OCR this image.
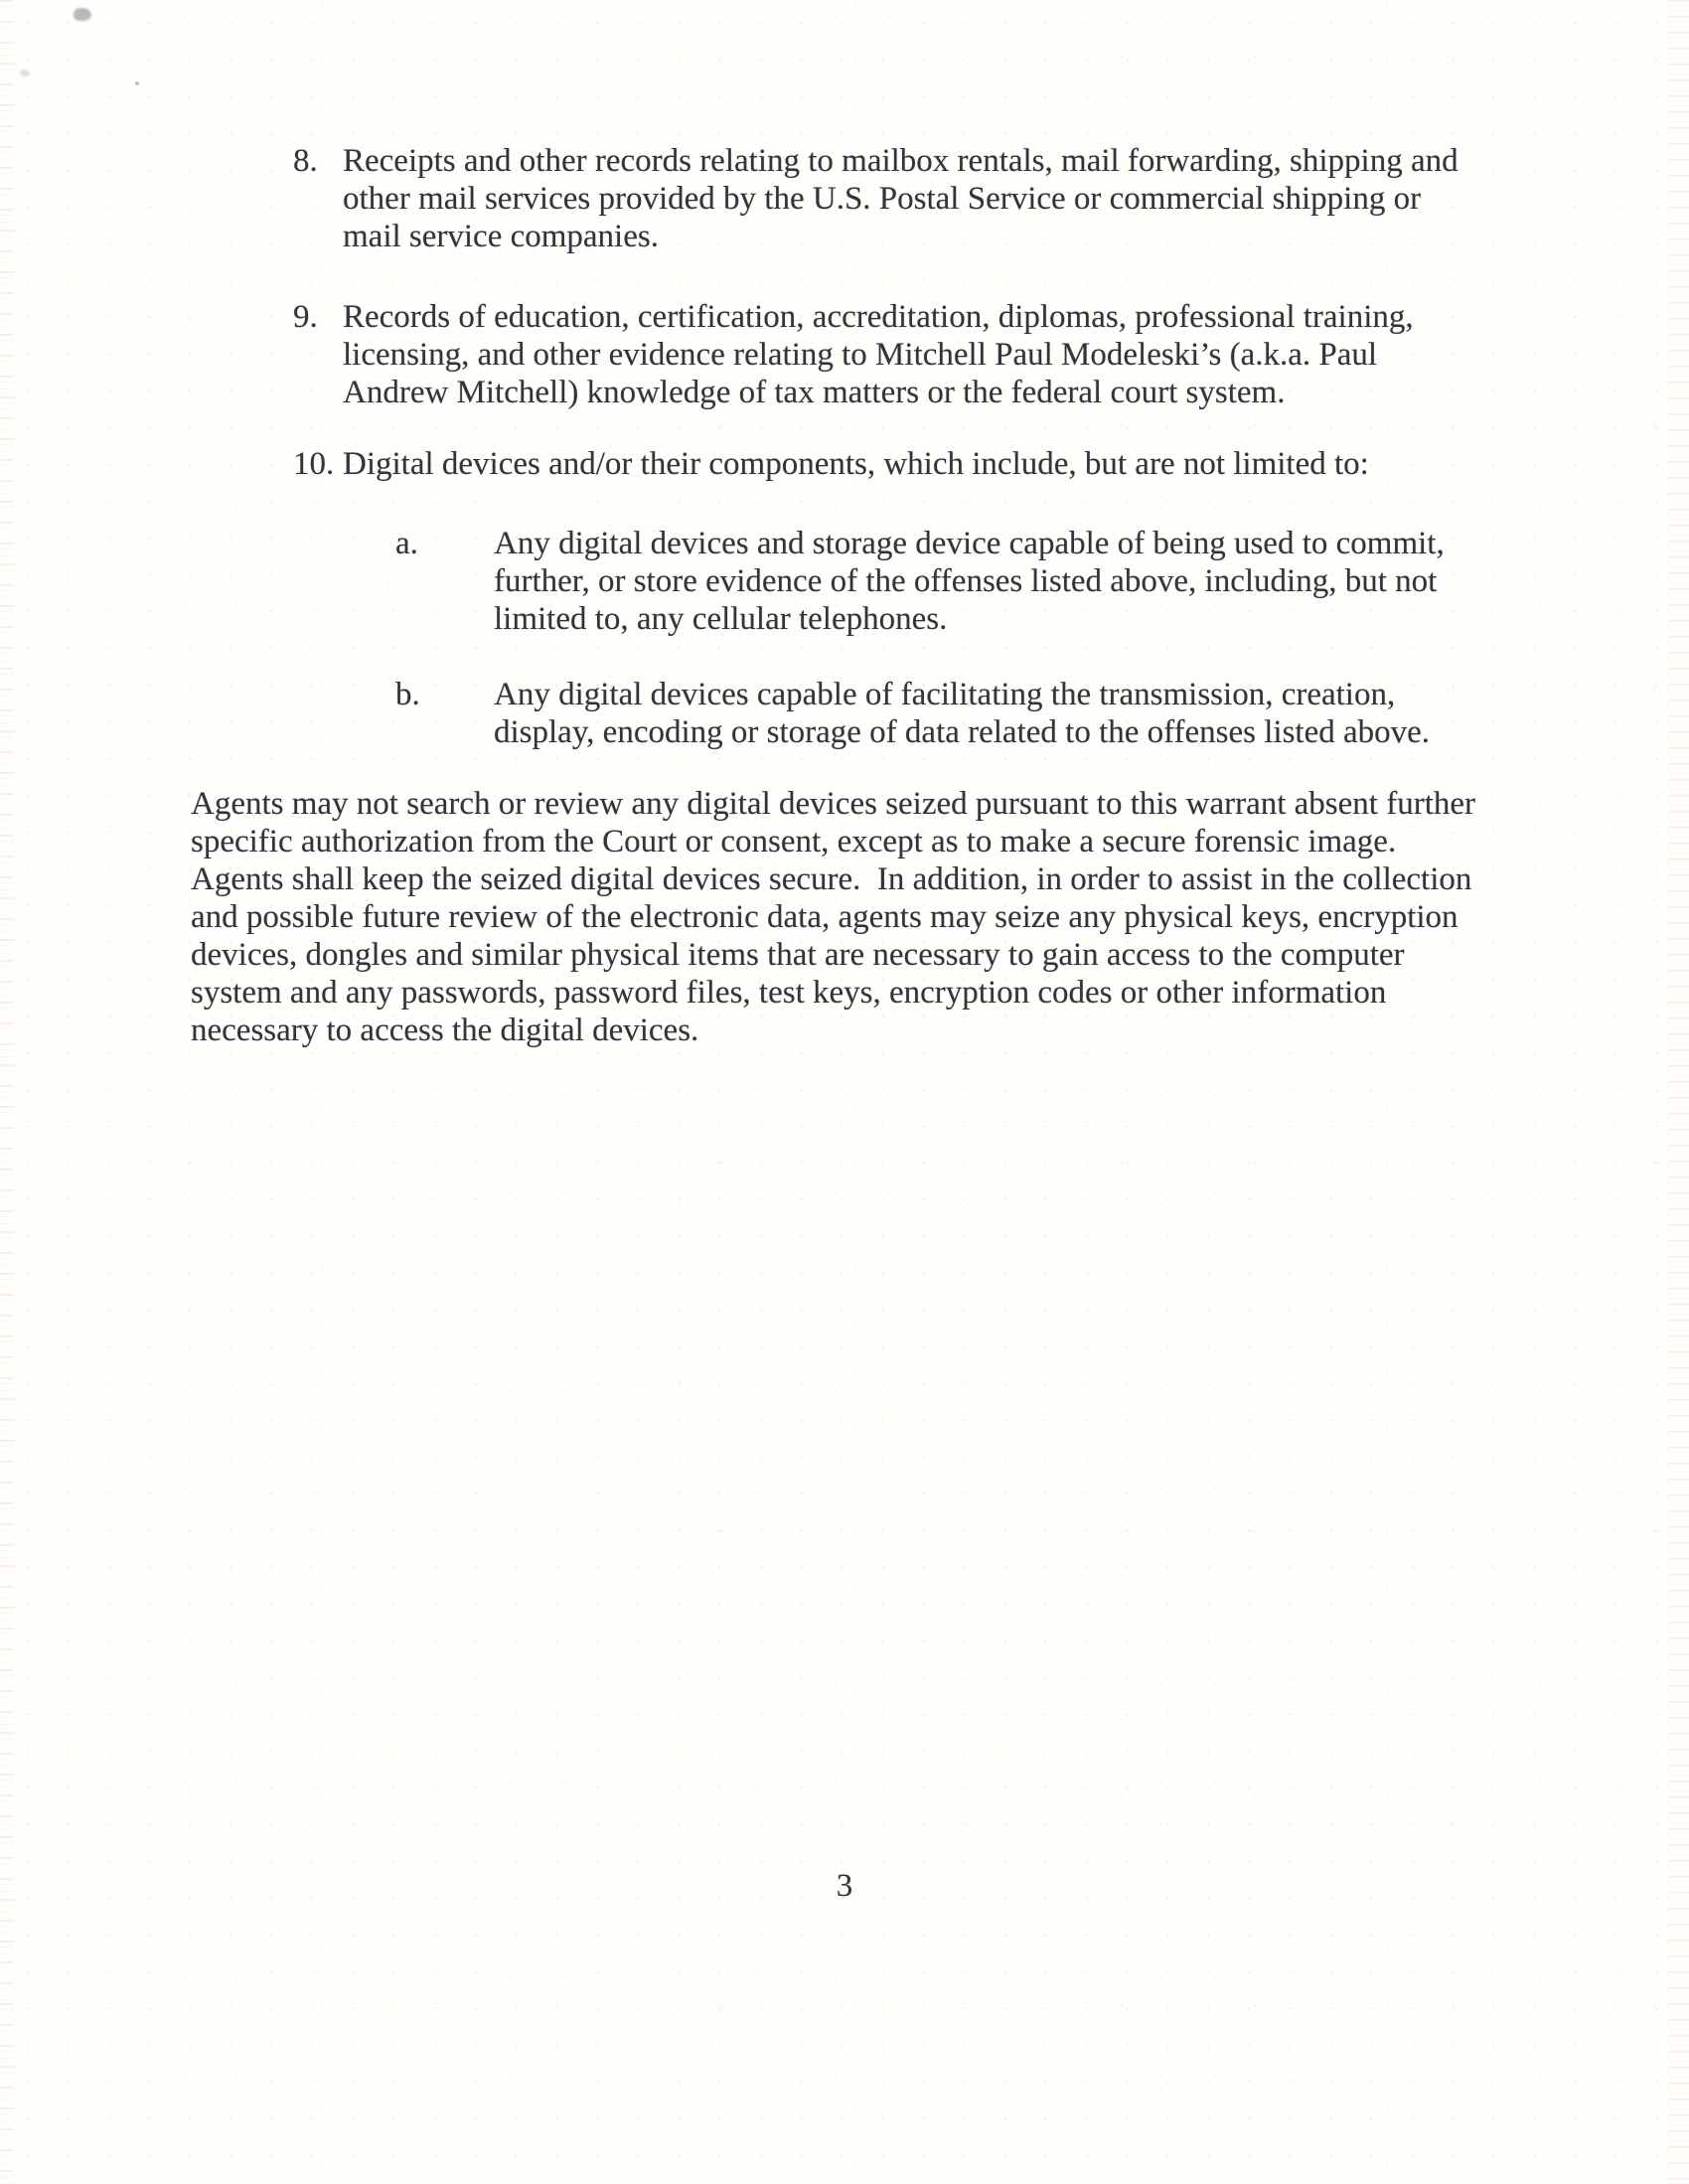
8. Receipts and other records relating to mailbox rentals, mail forwarding, shipping and other mail services provided by the U.S. Postal Service or commercial shipping or mail service companies.
9. Records of education, certification, accreditation, diplomas, professional training, licensing, and other evidence relating to Mitchell Paul Modeleski’s (a.k.a. Paul Andrew Mitchell) knowledge of tax matters or the federal court system.
10. Digital devices and/or their components, which include, but are not limited to:
a.	Any digital devices and storage device capable of being used to commit, further, or store evidence of the offenses listed above, including, but not limited to, any cellular telephones.
b.	Any digital devices capable of facilitating the transmission, creation, display, encoding or storage of data related to the offenses listed above.

Agents may not search or review any digital devices seized pursuant to this warrant absent further specific authorization from the Court or consent, except as to make a secure forensic image.  Agents shall keep the seized digital devices secure.  In addition, in order to assist in the collection and possible future review of the electronic data, agents may seize any physical keys, encryption devices, dongles and similar physical items that are necessary to gain access to the computer system and any passwords, password files, test keys, encryption codes or other information necessary to access the digital devices.

3
